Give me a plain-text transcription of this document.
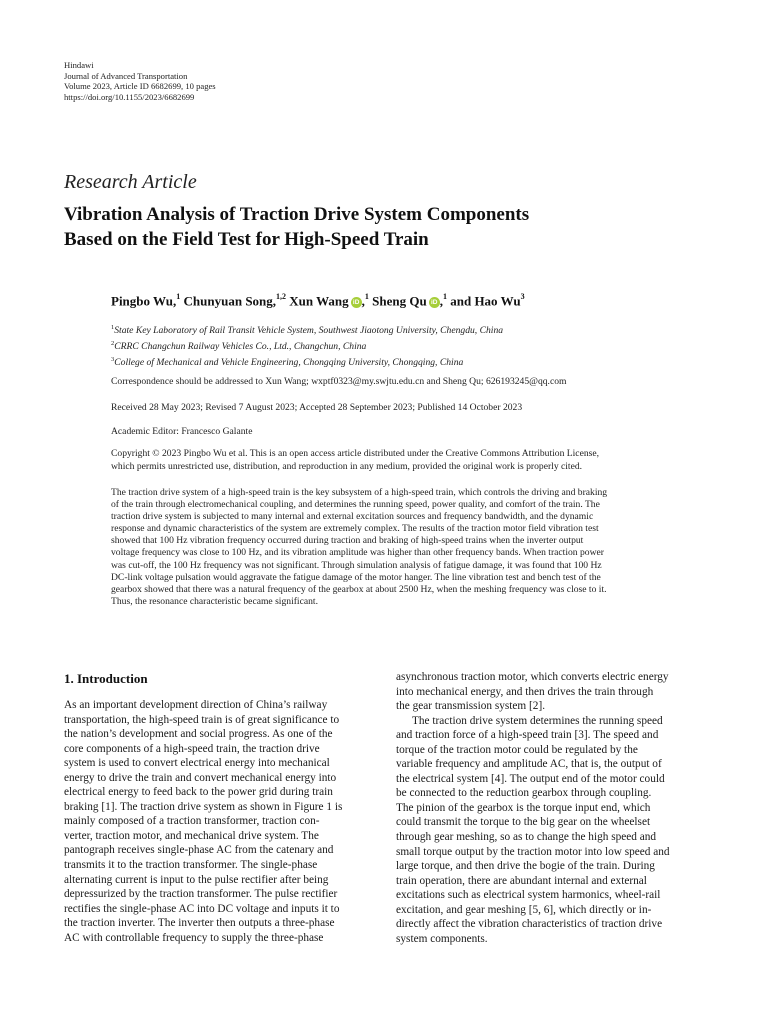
Hindawi
Journal of Advanced Transportation
Volume 2023, Article ID 6682699, 10 pages
https://doi.org/10.1155/2023/6682699
Research Article
Vibration Analysis of Traction Drive System Components
Based on the Field Test for High-Speed Train
Pingbo Wu,$^1$ Chunyuan Song,$^{1,2}$ Xun Wang iD ,$^1$ Sheng Qu iD ,$^1$ and Hao Wu$^3$
$^1$State Key Laboratory of Rail Transit Vehicle System, Southwest Jiaotong University, Chengdu, China
$^2$CRRC Changchun Railway Vehicles Co., Ltd., Changchun, China
$^3$College of Mechanical and Vehicle Engineering, Chongqing University, Chongqing, China
Correspondence should be addressed to Xun Wang; wxptf0323@my.swjtu.edu.cn and Sheng Qu; 626193245@qq.com
Received 28 May 2023; Revised 7 August 2023; Accepted 28 September 2023; Published 14 October 2023
Academic Editor: Francesco Galante
Copyright © 2023 Pingbo Wu et al. This is an open access article distributed under the Creative Commons Attribution License,
which permits unrestricted use, distribution, and reproduction in any medium, provided the original work is properly cited.
The traction drive system of a high-speed train is the key subsystem of a high-speed train, which controls the driving and braking
of the train through electromechanical coupling, and determines the running speed, power quality, and comfort of the train. The
traction drive system is subjected to many internal and external excitation sources and frequency bandwidth, and the dynamic
response and dynamic characteristics of the system are extremely complex. The results of the traction motor field vibration test
showed that 100 Hz vibration frequency occurred during traction and braking of high-speed trains when the inverter output
voltage frequency was close to 100 Hz, and its vibration amplitude was higher than other frequency bands. When traction power
was cut-off, the 100 Hz frequency was not significant. Through simulation analysis of fatigue damage, it was found that 100 Hz
DC-link voltage pulsation would aggravate the fatigue damage of the motor hanger. The line vibration test and bench test of the
gearbox showed that there was a natural frequency of the gearbox at about 2500 Hz, when the meshing frequency was close to it.
Thus, the resonance characteristic became significant.
1. Introduction
As an important development direction of China’s railway
transportation, the high-speed train is of great significance to
the nation’s development and social progress. As one of the
core components of a high-speed train, the traction drive
system is used to convert electrical energy into mechanical
energy to drive the train and convert mechanical energy into
electrical energy to feed back to the power grid during train
braking [1]. The traction drive system as shown in Figure 1 is
mainly composed of a traction transformer, traction con-
verter, traction motor, and mechanical drive system. The
pantograph receives single-phase AC from the catenary and
transmits it to the traction transformer. The single-phase
alternating current is input to the pulse rectifier after being
depressurized by the traction transformer. The pulse rectifier
rectifies the single-phase AC into DC voltage and inputs it to
the traction inverter. The inverter then outputs a three-phase
AC with controllable frequency to supply the three-phase
asynchronous traction motor, which converts electric energy
into mechanical energy, and then drives the train through
the gear transmission system [2].
The traction drive system determines the running speed
and traction force of a high-speed train [3]. The speed and
torque of the traction motor could be regulated by the
variable frequency and amplitude AC, that is, the output of
the electrical system [4]. The output end of the motor could
be connected to the reduction gearbox through coupling.
The pinion of the gearbox is the torque input end, which
could transmit the torque to the big gear on the wheelset
through gear meshing, so as to change the high speed and
small torque output by the traction motor into low speed and
large torque, and then drive the bogie of the train. During
train operation, there are abundant internal and external
excitations such as electrical system harmonics, wheel-rail
excitation, and gear meshing [5, 6], which directly or in-
directly affect the vibration characteristics of traction drive
system components.
